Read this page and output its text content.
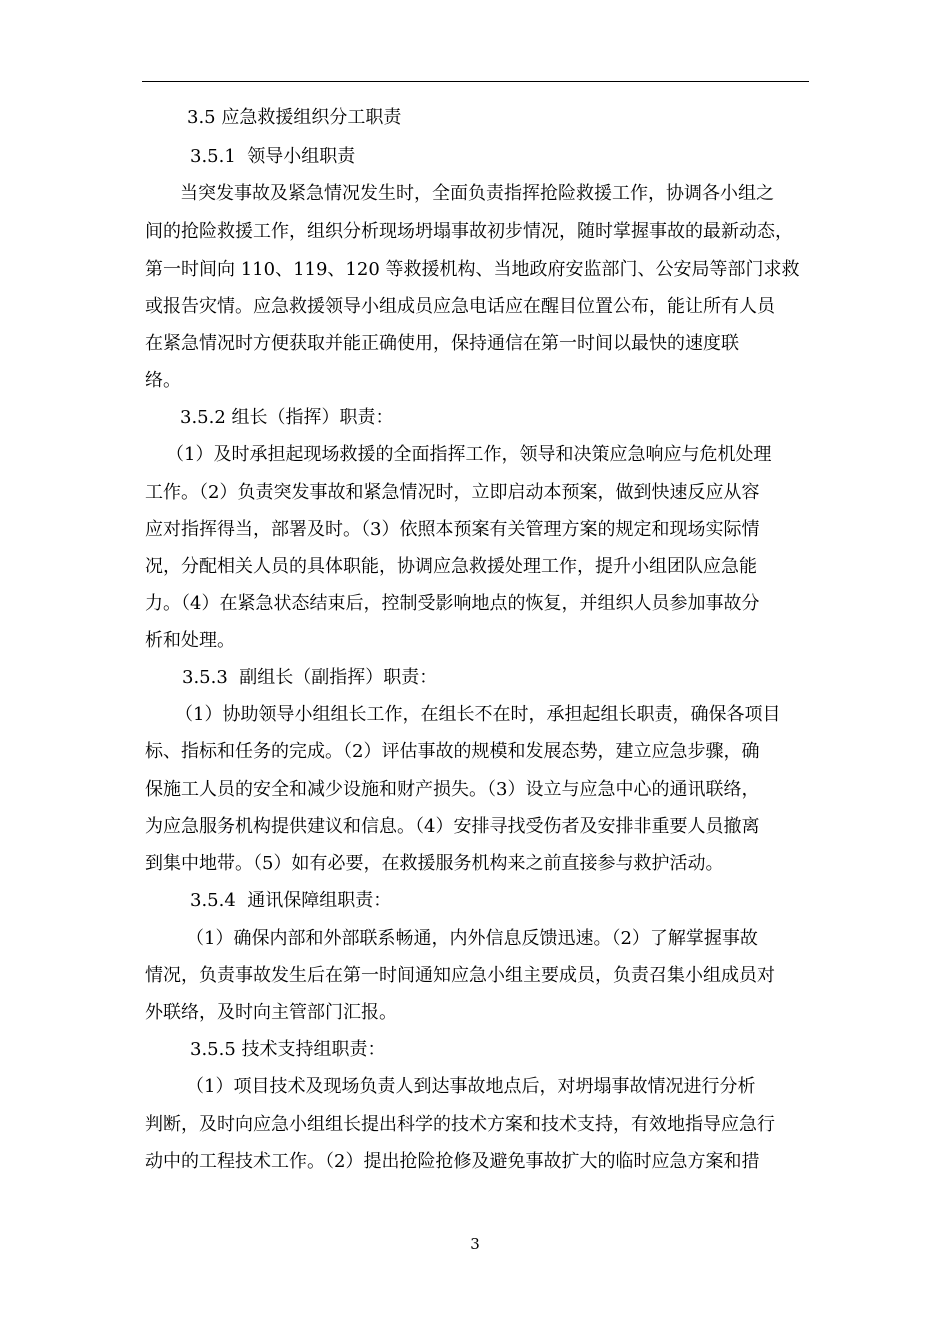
3.5 应急救援组织分工职责
3.5.1  领导小组职责
当突发事故及紧急情况发生时，全面负责指挥抢险救援工作，协调各小组之
间的抢险救援工作，组织分析现场坍塌事故初步情况，随时掌握事故的最新动态，
第一时间向 110、119、120 等救援机构、当地政府安监部门、公安局等部门求救
或报告灾情。应急救援领导小组成员应急电话应在醒目位置公布，能让所有人员
在紧急情况时方便获取并能正确使用，保持通信在第一时间以最快的速度联
络。
3.5.2 组长（指挥）职责：
（1）及时承担起现场救援的全面指挥工作，领导和决策应急响应与危机处理
工作。（2）负责突发事故和紧急情况时，立即启动本预案，做到快速反应从容
应对指挥得当，部署及时。（3）依照本预案有关管理方案的规定和现场实际情
况，分配相关人员的具体职能，协调应急救援处理工作，提升小组团队应急能
力。（4）在紧急状态结束后，控制受影响地点的恢复，并组织人员参加事故分
析和处理。
3.5.3  副组长（副指挥）职责：
（1）协助领导小组组长工作，在组长不在时，承担起组长职责，确保各项目
标、指标和任务的完成。（2）评估事故的规模和发展态势，建立应急步骤，确
保施工人员的安全和减少设施和财产损失。（3）设立与应急中心的通讯联络，
为应急服务机构提供建议和信息。（4）安排寻找受伤者及安排非重要人员撤离
到集中地带。（5）如有必要，在救援服务机构来之前直接参与救护活动。
3.5.4  通讯保障组职责：
（1）确保内部和外部联系畅通，内外信息反馈迅速。（2）了解掌握事故
情况，负责事故发生后在第一时间通知应急小组主要成员，负责召集小组成员对
外联络，及时向主管部门汇报。
3.5.5 技术支持组职责：
（1）项目技术及现场负责人到达事故地点后，对坍塌事故情况进行分析
判断，及时向应急小组组长提出科学的技术方案和技术支持，有效地指导应急行
动中的工程技术工作。（2）提出抢险抢修及避免事故扩大的临时应急方案和措
3
